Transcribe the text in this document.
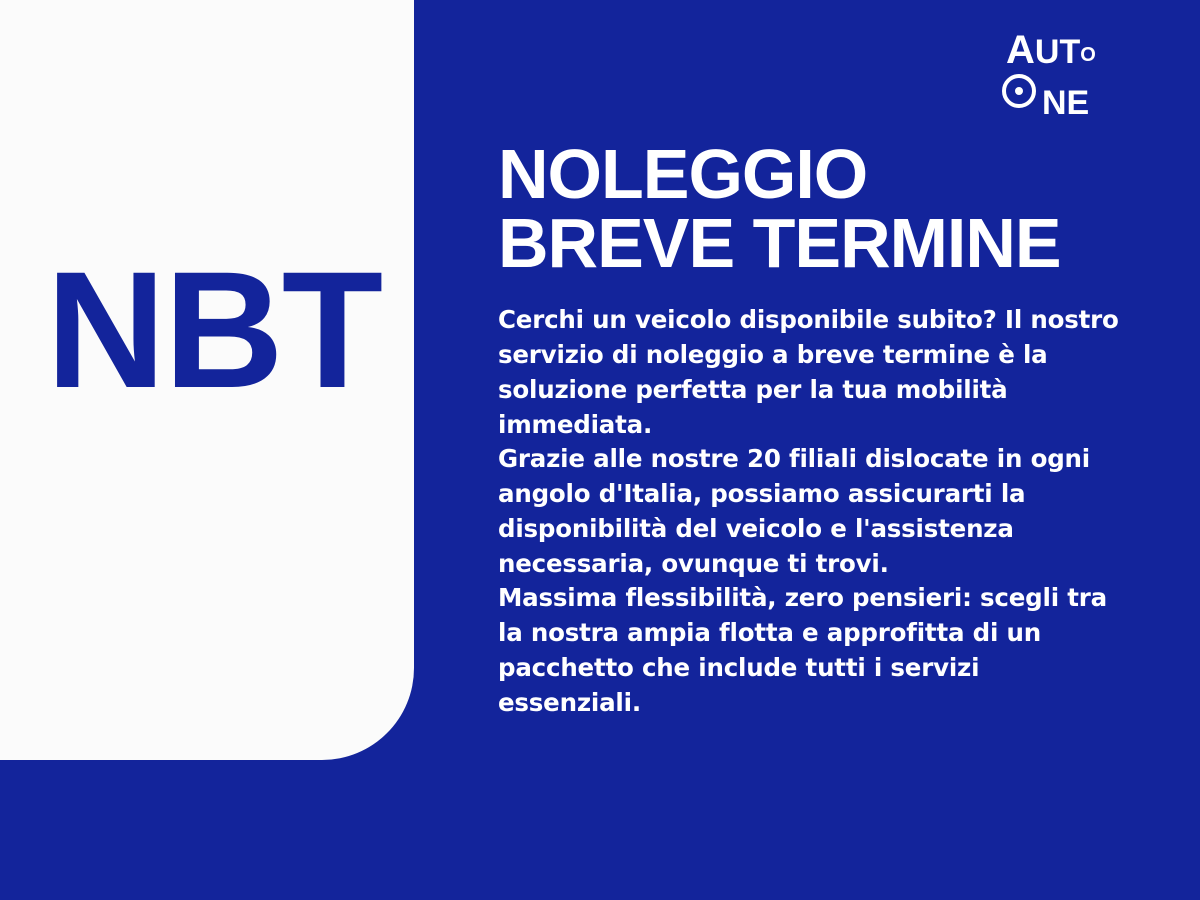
NBT
A UT O
NE
NOLEGGIO
BREVE TERMINE

Cerchi un veicolo disponibile subito? Il nostro servizio di noleggio a breve termine è la soluzione perfetta per la tua mobilità immediata.

Grazie alle nostre 20 filiali dislocate in ogni angolo d'Italia, possiamo assicurarti la disponibilità del veicolo e l'assistenza necessaria, ovunque ti trovi.

Massima flessibilità, zero pensieri: scegli tra la nostra ampia flotta e approfitta di un pacchetto che include tutti i servizi essenziali.
